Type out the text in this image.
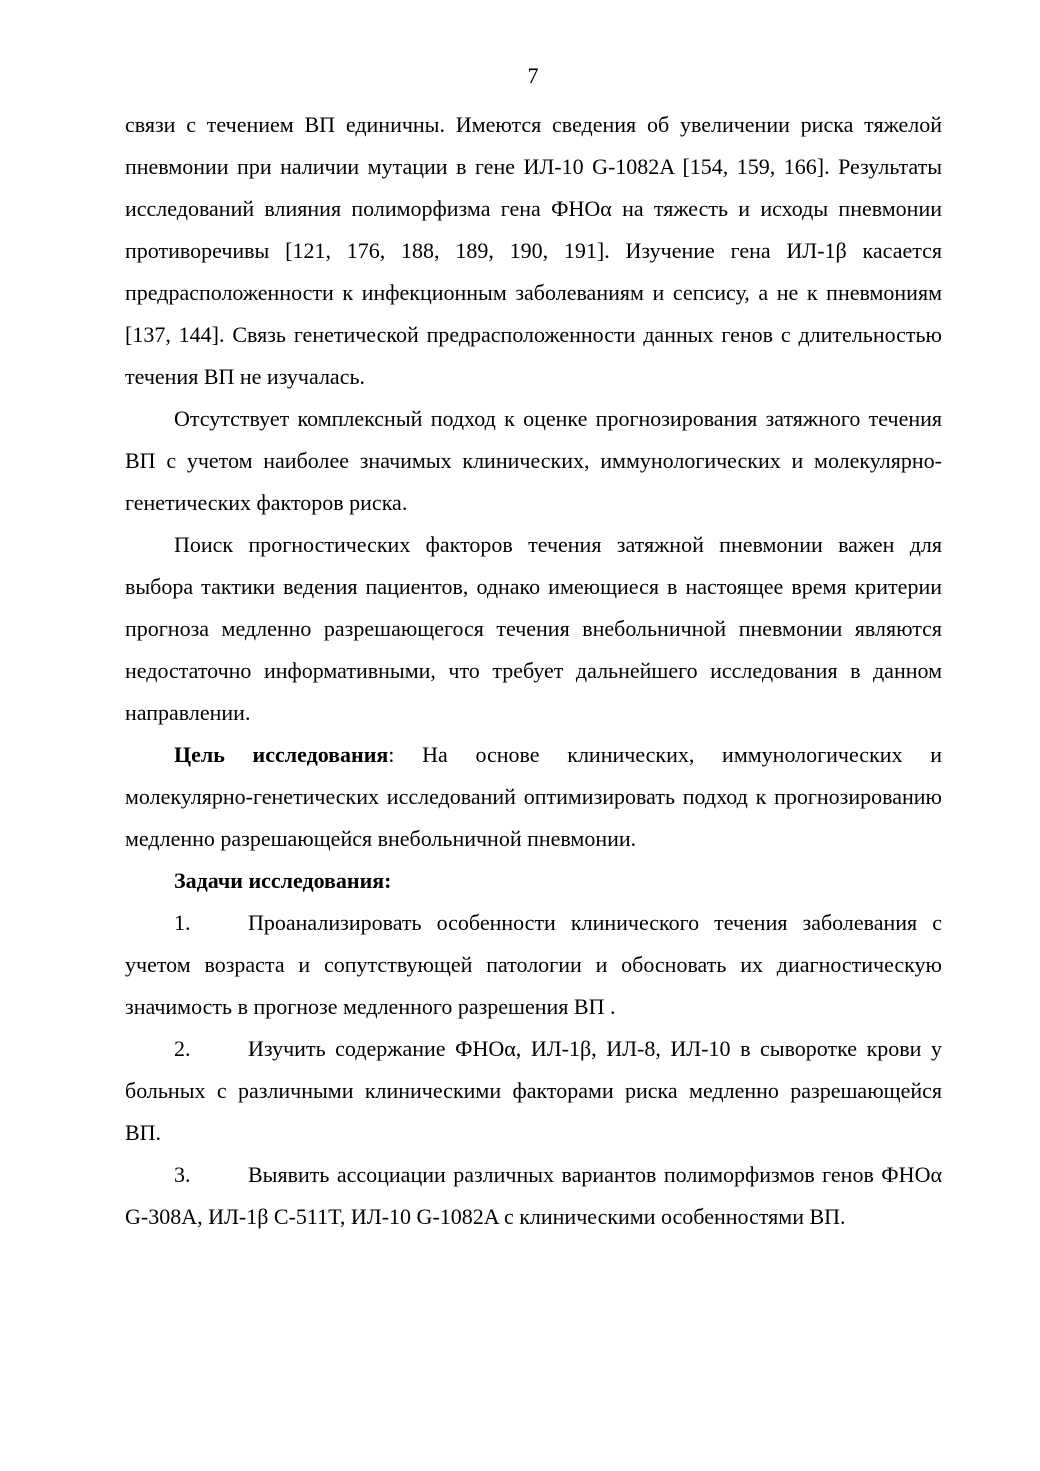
7

связи с течением ВП единичны. Имеются сведения об увеличении риска тяжелой пневмонии при наличии мутации в гене ИЛ-10 G-1082A [154, 159, 166]. Результаты исследований влияния полиморфизма гена ФНОα на тяжесть и исходы пневмонии противоречивы [121, 176, 188, 189, 190, 191]. Изучение гена ИЛ-1β касается предрасположенности к инфекционным заболеваниям и сепсису, а не к пневмониям [137, 144]. Связь генетической предрасположенности данных генов с длительностью течения ВП не изучалась.

Отсутствует комплексный подход к оценке прогнозирования затяжного течения ВП с учетом наиболее значимых клинических, иммунологических и молекулярно-генетических факторов риска.

Поиск прогностических факторов течения затяжной пневмонии важен для выбора тактики ведения пациентов, однако имеющиеся в настоящее время критерии прогноза медленно разрешающегося течения внебольничной пневмонии являются недостаточно информативными, что требует дальнейшего исследования в данном направлении.

Цель исследования: На основе клинических, иммунологических и молекулярно-генетических исследований оптимизировать подход к прогнозированию медленно разрешающейся внебольничной пневмонии.

Задачи исследования:

1.	Проанализировать особенности клинического течения заболевания с учетом возраста и сопутствующей патологии и обосновать их диагностическую значимость в прогнозе медленного разрешения ВП .

2.	Изучить содержание ФНОα, ИЛ-1β, ИЛ-8, ИЛ-10 в сыворотке крови у больных с различными клиническими факторами риска медленно разрешающейся ВП.

3.	Выявить ассоциации различных вариантов полиморфизмов генов ФНОα G-308A, ИЛ-1β C-511T, ИЛ-10 G-1082A с клиническими особенностями ВП.
